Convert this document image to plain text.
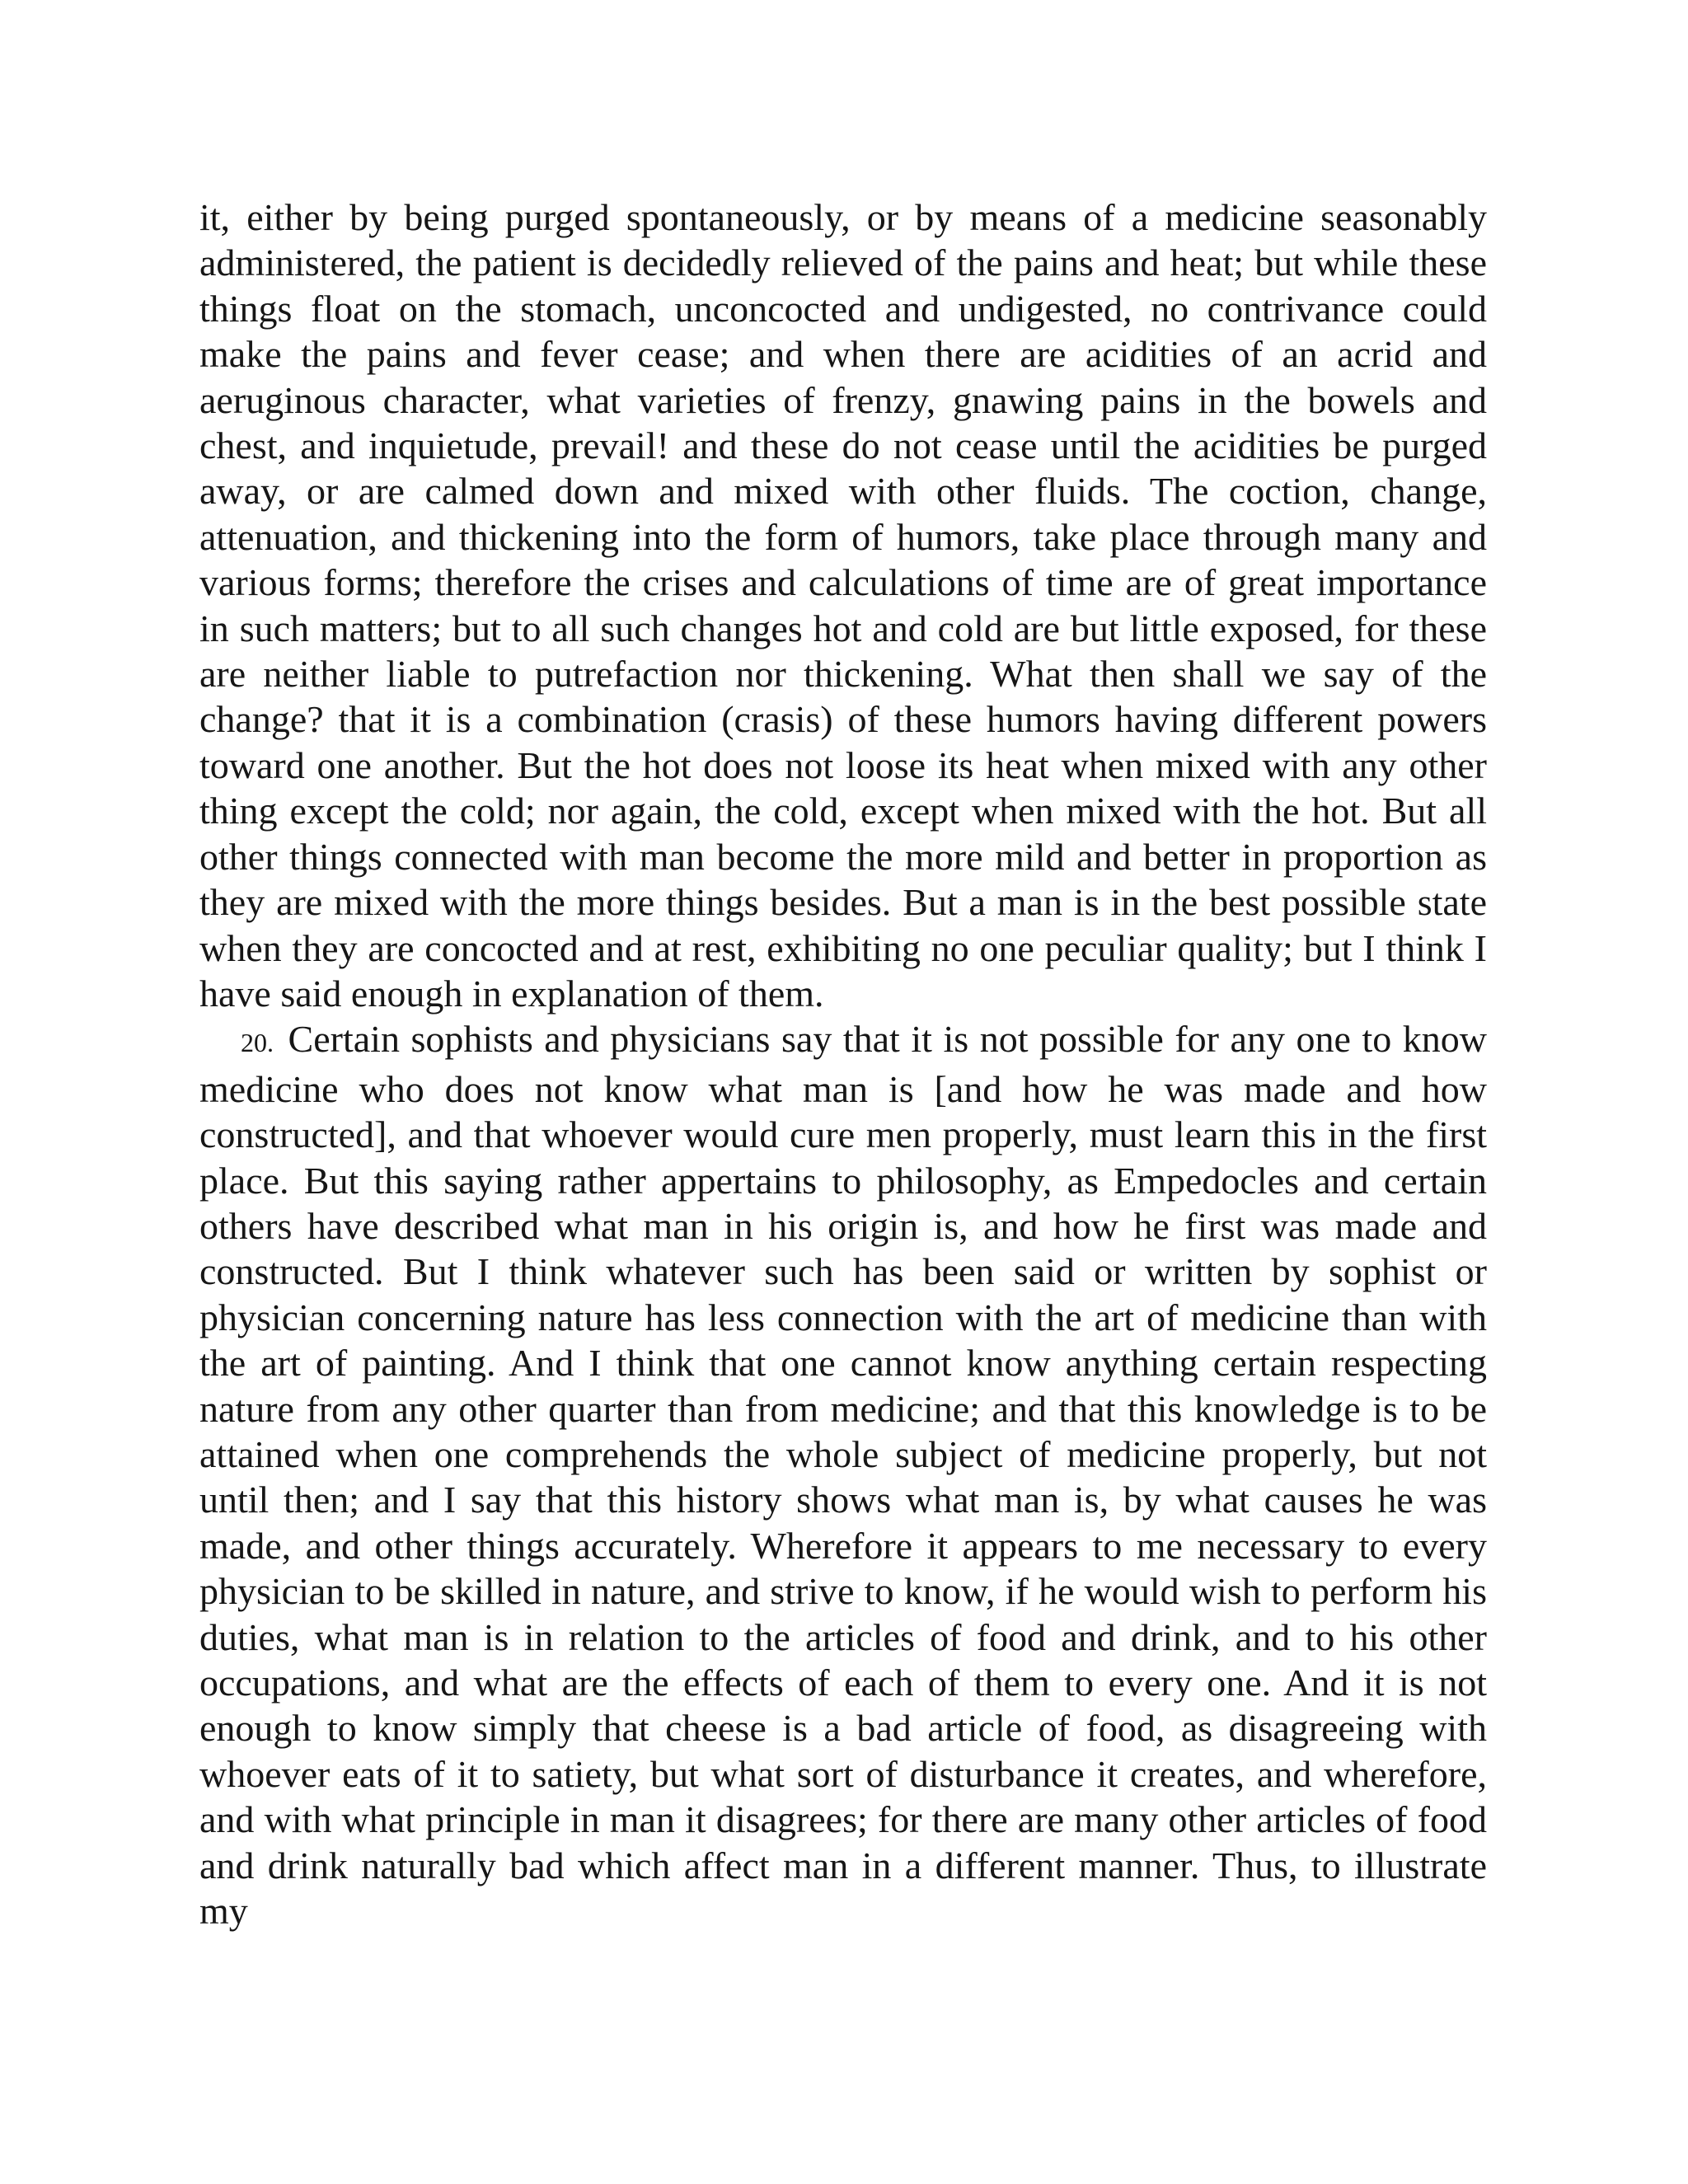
it, either by being purged spontaneously, or by means of a medicine seasonably administered, the patient is decidedly relieved of the pains and heat; but while these things float on the stomach, unconcocted and undigested, no contrivance could make the pains and fever cease; and when there are acidities of an acrid and aeruginous character, what varieties of frenzy, gnawing pains in the bowels and chest, and inquietude, prevail! and these do not cease until the acidities be purged away, or are calmed down and mixed with other fluids. The coction, change, attenuation, and thickening into the form of humors, take place through many and various forms; therefore the crises and calculations of time are of great importance in such matters; but to all such changes hot and cold are but little exposed, for these are neither liable to putrefaction nor thickening. What then shall we say of the change? that it is a combination (crasis) of these humors having different powers toward one another. But the hot does not loose its heat when mixed with any other thing except the cold; nor again, the cold, except when mixed with the hot. But all other things connected with man become the more mild and better in proportion as they are mixed with the more things besides. But a man is in the best possible state when they are concocted and at rest, exhibiting no one peculiar quality; but I think I have said enough in explanation of them.

20. Certain sophists and physicians say that it is not possible for any one to know medicine who does not know what man is [and how he was made and how constructed], and that whoever would cure men properly, must learn this in the first place. But this saying rather appertains to philosophy, as Empedocles and certain others have described what man in his origin is, and how he first was made and constructed. But I think whatever such has been said or written by sophist or physician concerning nature has less connection with the art of medicine than with the art of painting. And I think that one cannot know anything certain respecting nature from any other quarter than from medicine; and that this knowledge is to be attained when one comprehends the whole subject of medicine properly, but not until then; and I say that this history shows what man is, by what causes he was made, and other things accurately. Wherefore it appears to me necessary to every physician to be skilled in nature, and strive to know, if he would wish to perform his duties, what man is in relation to the articles of food and drink, and to his other occupations, and what are the effects of each of them to every one. And it is not enough to know simply that cheese is a bad article of food, as disagreeing with whoever eats of it to satiety, but what sort of disturbance it creates, and wherefore, and with what principle in man it disagrees; for there are many other articles of food and drink naturally bad which affect man in a different manner. Thus, to illustrate my
